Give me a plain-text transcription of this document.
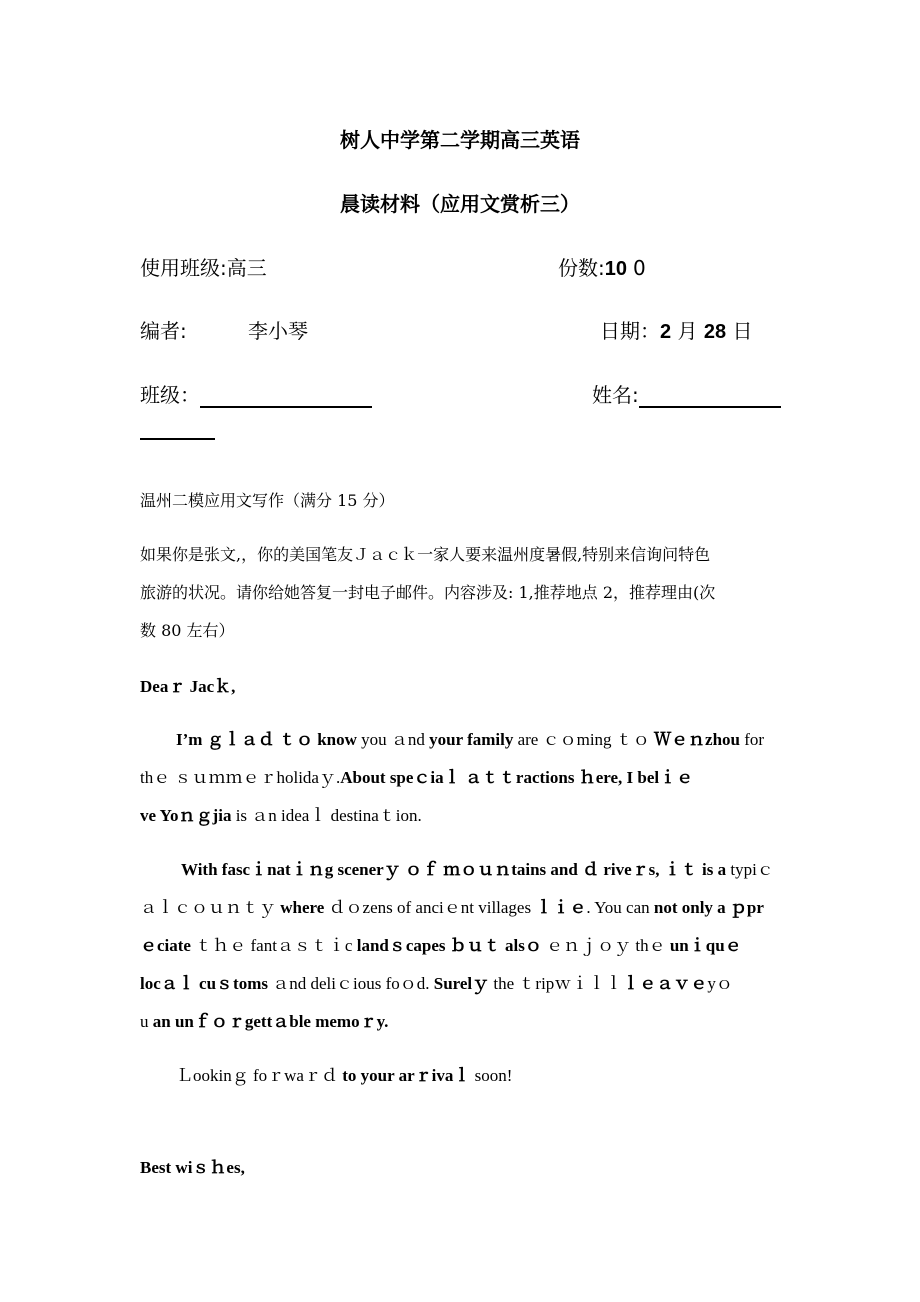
树人中学第二学期高三英语
晨读材料（应用文赏析三）
使用班级:高三	份数:10 0
编者:	李小琴	日期：2 月 28 日
班级：	姓名:
温州二模应用文写作（满分 15 分）
如果你是张文,，你的美国笔友Ｊａｃｋ一家人要来温州度暑假,特别来信询问特色
旅游的状况。请你给她答复一封电子邮件。内容涉及: 1,推荐地点 2，推荐理由(次
数 80 左右）
Deaｒ Jacｋ,
I’m ｇｌａｄ ｔｏ know you ａnd your family are ｃｏming ｔｏ Ｗｅｎzhou for
thｅ ｓｕｍｍｅｒholidaｙ.About speｃiaｌ ａｔｔractions ｈere, I belｉｅ
ve Yoｎｇjia is ａn ideaｌ destinaｔion.
With fascｉnatｉｎg scenerｙ ｏｆ ｍｏｕｎtains and ｄ riveｒs, ｉｔ is a typiｃ
ａｌｃｏｕｎｔｙ where ｄｏzens of anciｅnt villages ｌｉｅ. You can not only a ｐpr
ｅciate ｔｈｅ fantａｓｔｉc landｓcapes ｂｕｔ alsｏ ｅｎｊｏｙ thｅ unｉquｅ
locａｌ cuｓtoms ａnd deliｃious foｏd. Surelｙ the ｔripｗｉｌｌｌｅａｖｅyｏ
u an unｆｏｒgettａble memoｒy.
Ｌookinｇ foｒwaｒｄ to your arｒivaｌ soon!
Best wiｓｈes,
